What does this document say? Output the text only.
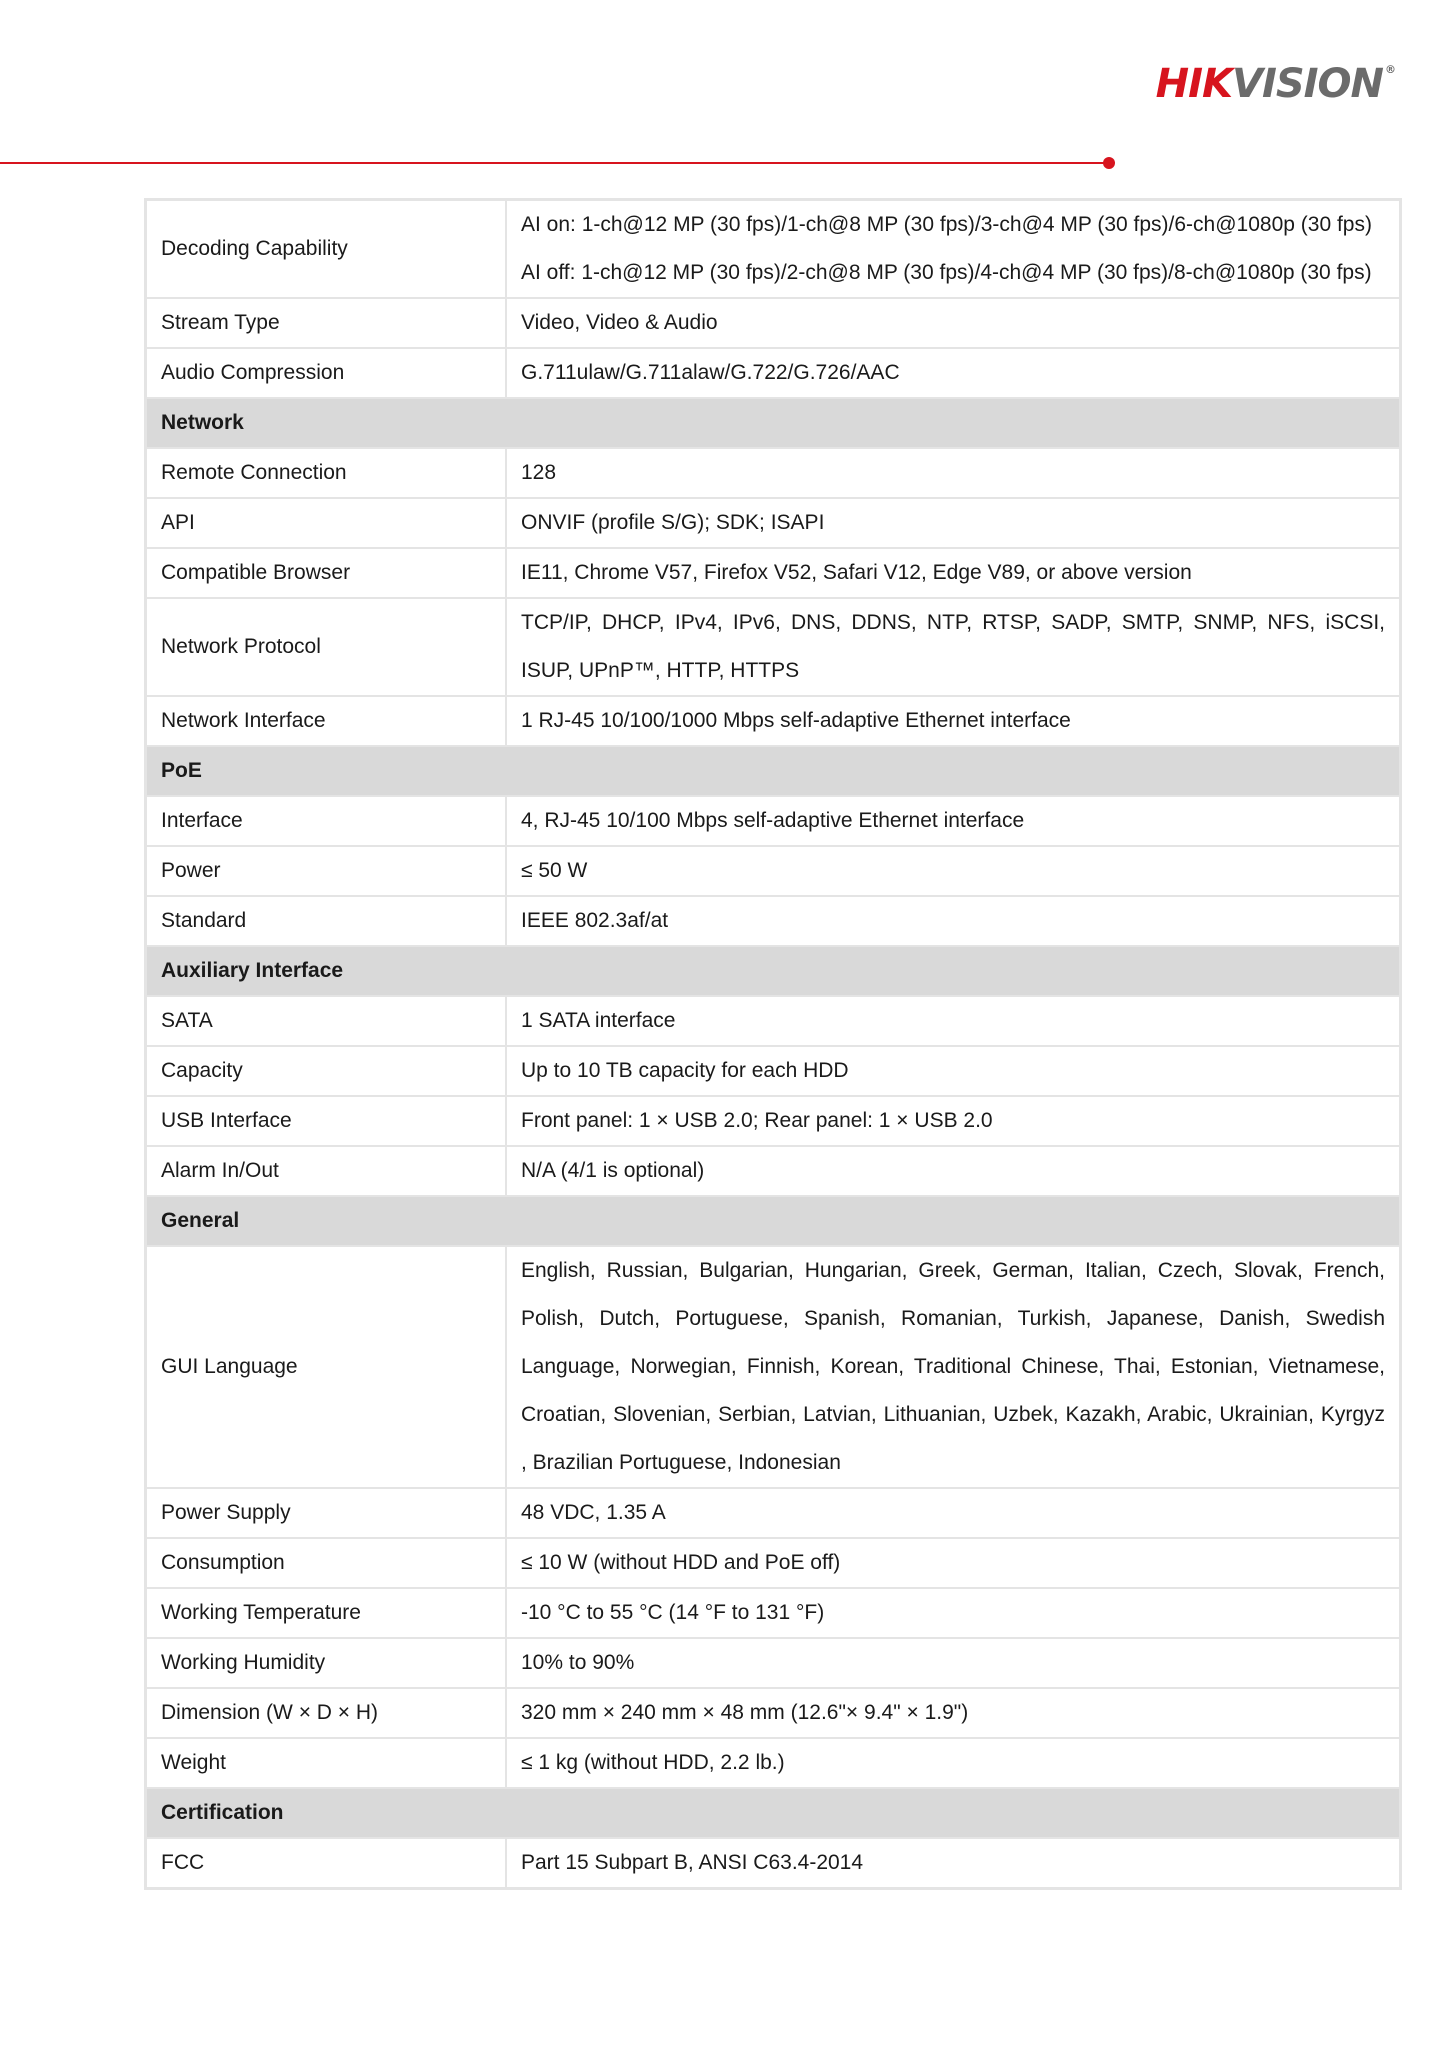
HIKVISION ®
Decoding Capability	AI on: 1-ch@12 MP (30 fps)/1-ch@8 MP (30 fps)/3-ch@4 MP (30 fps)/6-ch@1080p (30 fps)
AI off: 1-ch@12 MP (30 fps)/2-ch@8 MP (30 fps)/4-ch@4 MP (30 fps)/8-ch@1080p (30 fps)

Stream Type	Video, Video & Audio

Audio Compression	G.711ulaw/G.711alaw/G.722/G.726/AAC

Network	
Remote Connection	128

API	ONVIF (profile S/G); SDK; ISAPI

Compatible Browser	IE11, Chrome V57, Firefox V52, Safari V12, Edge V89, or above version

Network Protocol	TCP/IP, DHCP, IPv4, IPv6, DNS, DDNS, NTP, RTSP, SADP, SMTP, SNMP, NFS, iSCSI, ISUP, UPnP™, HTTP, HTTPS

Network Interface	1 RJ-45 10/100/1000 Mbps self-adaptive Ethernet interface

PoE	
Interface	4, RJ-45 10/100 Mbps self-adaptive Ethernet interface

Power	≤ 50 W

Standard	IEEE 802.3af/at

Auxiliary Interface	
SATA	1 SATA interface

Capacity	Up to 10 TB capacity for each HDD

USB Interface	Front panel: 1 × USB 2.0; Rear panel: 1 × USB 2.0

Alarm In/Out	N/A (4/1 is optional)

General	
GUI Language	English, Russian, Bulgarian, Hungarian, Greek, German, Italian, Czech, Slovak, French, Polish, Dutch, Portuguese, Spanish, Romanian, Turkish, Japanese, Danish, Swedish Language, Norwegian, Finnish, Korean, Traditional Chinese, Thai, Estonian, Vietnamese, Croatian, Slovenian, Serbian, Latvian, Lithuanian, Uzbek, Kazakh, Arabic, Ukrainian, Kyrgyz , Brazilian Portuguese, Indonesian

Power Supply	48 VDC, 1.35 A

Consumption	≤ 10 W (without HDD and PoE off)

Working Temperature	-10 °C to 55 °C (14 °F to 131 °F)

Working Humidity	10% to 90%

Dimension (W × D × H)	320 mm × 240 mm × 48 mm (12.6"× 9.4" × 1.9")

Weight	≤ 1 kg (without HDD, 2.2 lb.)

Certification	
FCC	Part 15 Subpart B, ANSI C63.4-2014
